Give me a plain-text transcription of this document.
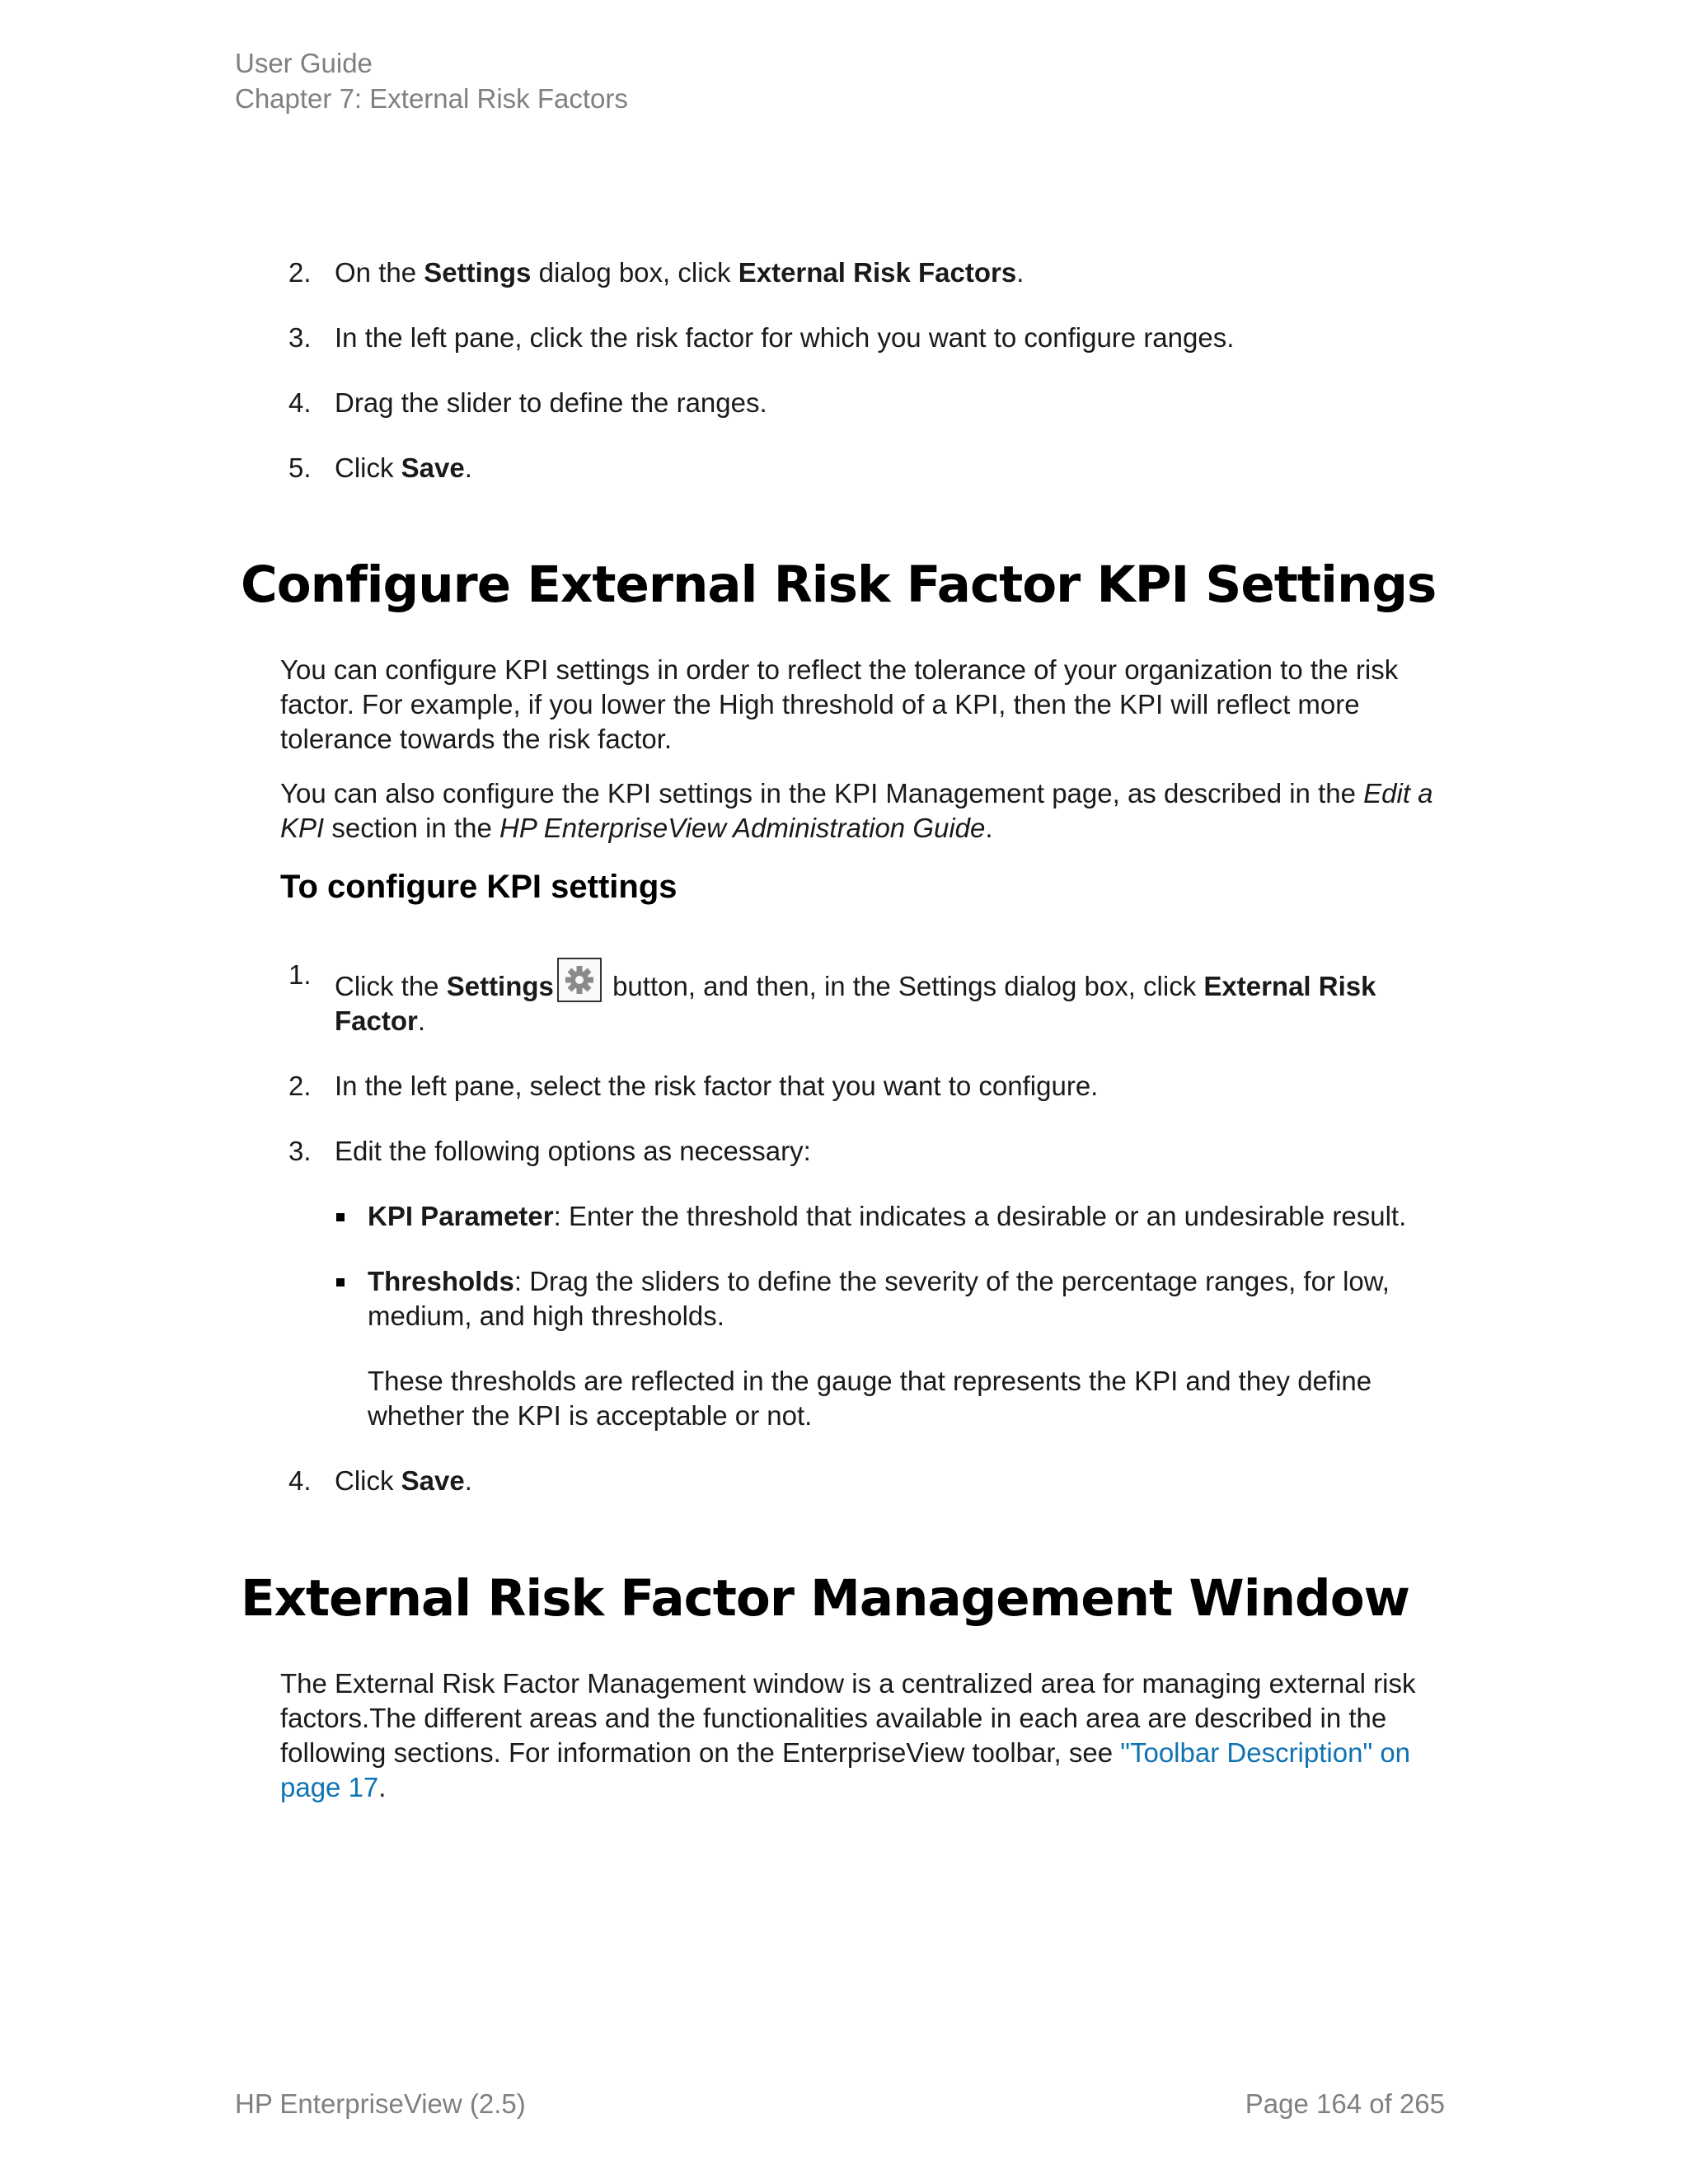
User Guide
Chapter 7: External Risk Factors
2. On the Settings dialog box, click External Risk Factors.
3. In the left pane, click the risk factor for which you want to configure ranges.
4. Drag the slider to define the ranges.
5. Click Save.
Configure External Risk Factor KPI Settings
You can configure KPI settings in order to reflect the tolerance of your organization to the risk factor. For example, if you lower the High threshold of a KPI, then the KPI will reflect more tolerance towards the risk factor.
You can also configure the KPI settings in the KPI Management page, as described in the Edit a KPI section in the HP EnterpriseView Administration Guide.
To configure KPI settings
1. Click the Settings
button, and then, in the Settings dialog box, click External Risk Factor.
2. In the left pane, select the risk factor that you want to configure.
3. Edit the following options as necessary:
KPI Parameter: Enter the threshold that indicates a desirable or an undesirable result.
Thresholds: Drag the sliders to define the severity of the percentage ranges, for low, medium, and high thresholds.
These thresholds are reflected in the gauge that represents the KPI and they define whether the KPI is acceptable or not.
4. Click Save.
External Risk Factor Management Window
The External Risk Factor Management window is a centralized area for managing external risk factors.The different areas and the functionalities available in each area are described in the following sections. For information on the EnterpriseView toolbar, see "Toolbar Description" on page 17.
HP EnterpriseView (2.5)	Page 164 of 265
